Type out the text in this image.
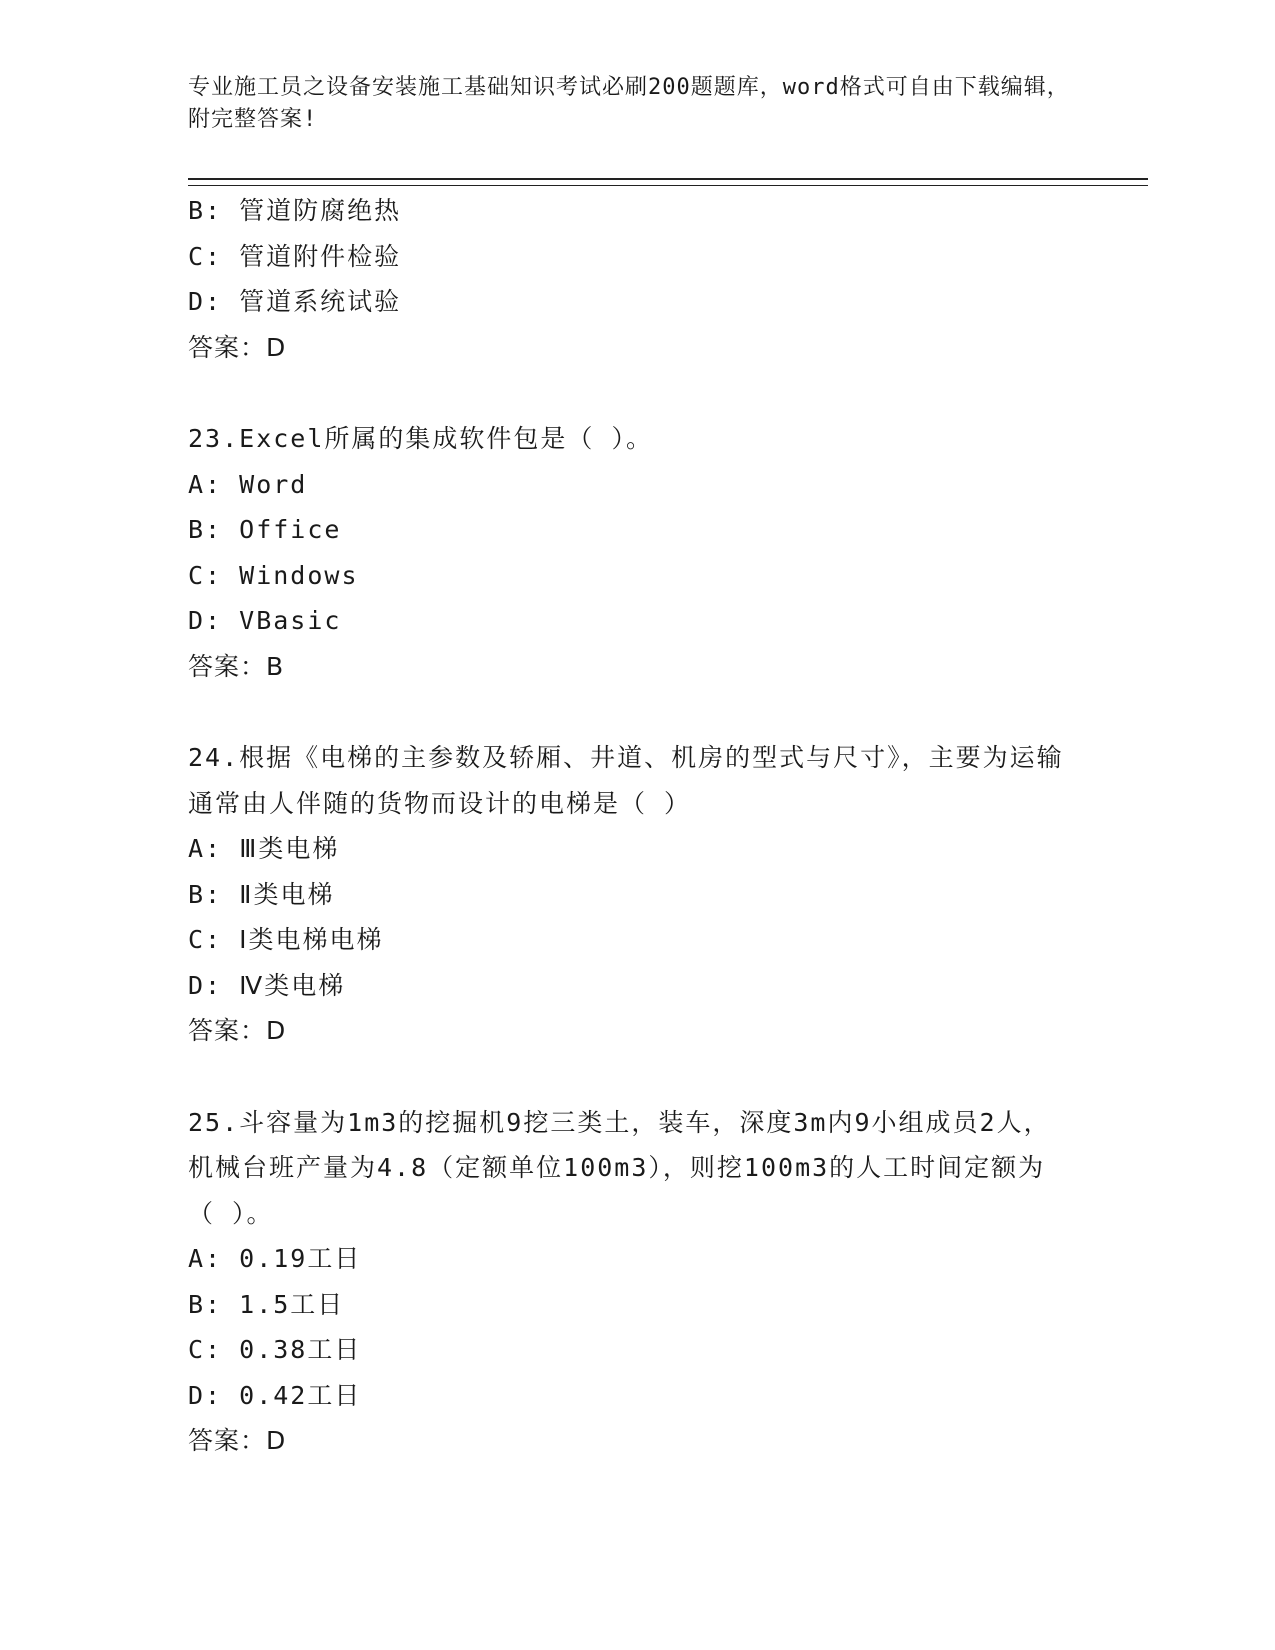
专业施工员之设备安装施工基础知识考试必刷200题题库，word格式可自由下载编辑，附完整答案!
B: 管道防腐绝热
C: 管道附件检验
D: 管道系统试验
答案：D
23.Excel所属的集成软件包是（ ）。
A: Word
B: Office
C: Windows
D: VBasic
答案：B
24.根据《电梯的主参数及轿厢、井道、机房的型式与尺寸》，主要为运输通常由人伴随的货物而设计的电梯是（ ）
A: Ⅲ类电梯
B: Ⅱ类电梯
C: Ⅰ类电梯电梯
D: Ⅳ类电梯
答案：D
25.斗容量为1m3的挖掘机9挖三类土，装车，深度3m内9小组成员2人，机械台班产量为4.8（定额单位100m3），则挖100m3的人工时间定额为（ ）。
A: 0.19工日
B: 1.5工日
C: 0.38工日
D: 0.42工日
答案：D
